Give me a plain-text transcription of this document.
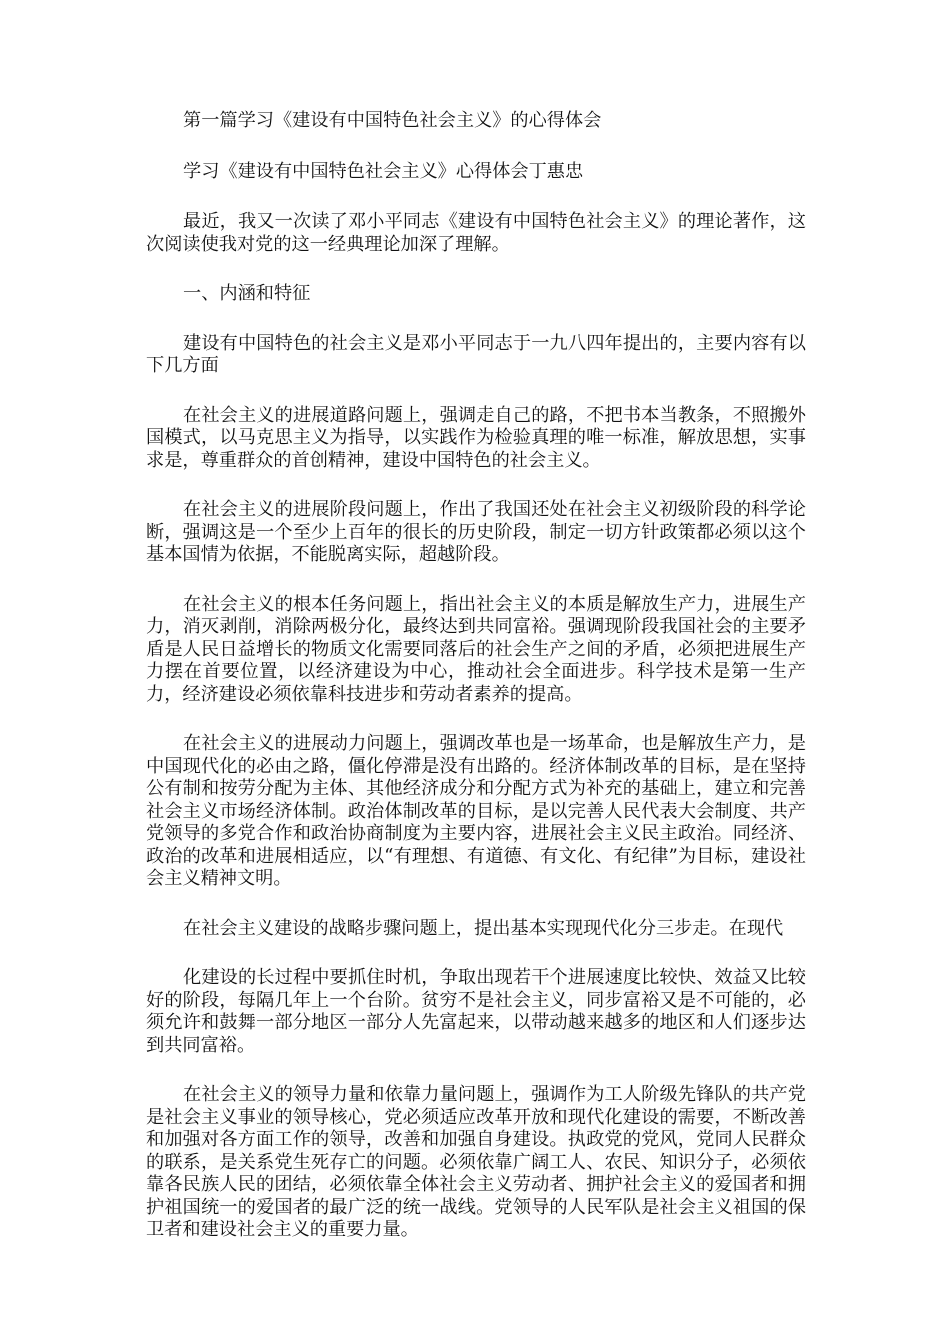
第一篇学习《建设有中国特色社会主义》的心得体会

学习《建设有中国特色社会主义》心得体会丁惠忠

最近，我又一次读了邓小平同志《建设有中国特色社会主义》的理论著作，这次阅读使我对党的这一经典理论加深了理解。

一、内涵和特征

建设有中国特色的社会主义是邓小平同志于一九八四年提出的，主要内容有以下几方面

在社会主义的进展道路问题上，强调走自己的路，不把书本当教条，不照搬外国模式，以马克思主义为指导，以实践作为检验真理的唯一标准，解放思想，实事求是，尊重群众的首创精神，建设中国特色的社会主义。

在社会主义的进展阶段问题上，作出了我国还处在社会主义初级阶段的科学论断，强调这是一个至少上百年的很长的历史阶段，制定一切方针政策都必须以这个基本国情为依据，不能脱离实际，超越阶段。

在社会主义的根本任务问题上，指出社会主义的本质是解放生产力，进展生产力，消灭剥削，消除两极分化，最终达到共同富裕。强调现阶段我国社会的主要矛盾是人民日益增长的物质文化需要同落后的社会生产之间的矛盾，必须把进展生产力摆在首要位置，以经济建设为中心，推动社会全面进步。科学技术是第一生产力，经济建设必须依靠科技进步和劳动者素养的提高。

在社会主义的进展动力问题上，强调改革也是一场革命，也是解放生产力，是中国现代化的必由之路，僵化停滞是没有出路的。经济体制改革的目标，是在坚持公有制和按劳分配为主体、其他经济成分和分配方式为补充的基础上，建立和完善社会主义市场经济体制。政治体制改革的目标，是以完善人民代表大会制度、共产党领导的多党合作和政治协商制度为主要内容，进展社会主义民主政治。同经济、政治的改革和进展相适应，以“有理想、有道德、有文化、有纪律”为目标，建设社会主义精神文明。

在社会主义建设的战略步骤问题上，提出基本实现现代化分三步走。在现代

化建设的长过程中要抓住时机，争取出现若干个进展速度比较快、效益又比较好的阶段，每隔几年上一个台阶。贫穷不是社会主义，同步富裕又是不可能的，必须允许和鼓舞一部分地区一部分人先富起来，以带动越来越多的地区和人们逐步达到共同富裕。

在社会主义的领导力量和依靠力量问题上，强调作为工人阶级先锋队的共产党是社会主义事业的领导核心，党必须适应改革开放和现代化建设的需要，不断改善和加强对各方面工作的领导，改善和加强自身建设。执政党的党风，党同人民群众的联系，是关系党生死存亡的问题。必须依靠广阔工人、农民、知识分子，必须依靠各民族人民的团结，必须依靠全体社会主义劳动者、拥护社会主义的爱国者和拥护祖国统一的爱国者的最广泛的统一战线。党领导的人民军队是社会主义祖国的保卫者和建设社会主义的重要力量。
